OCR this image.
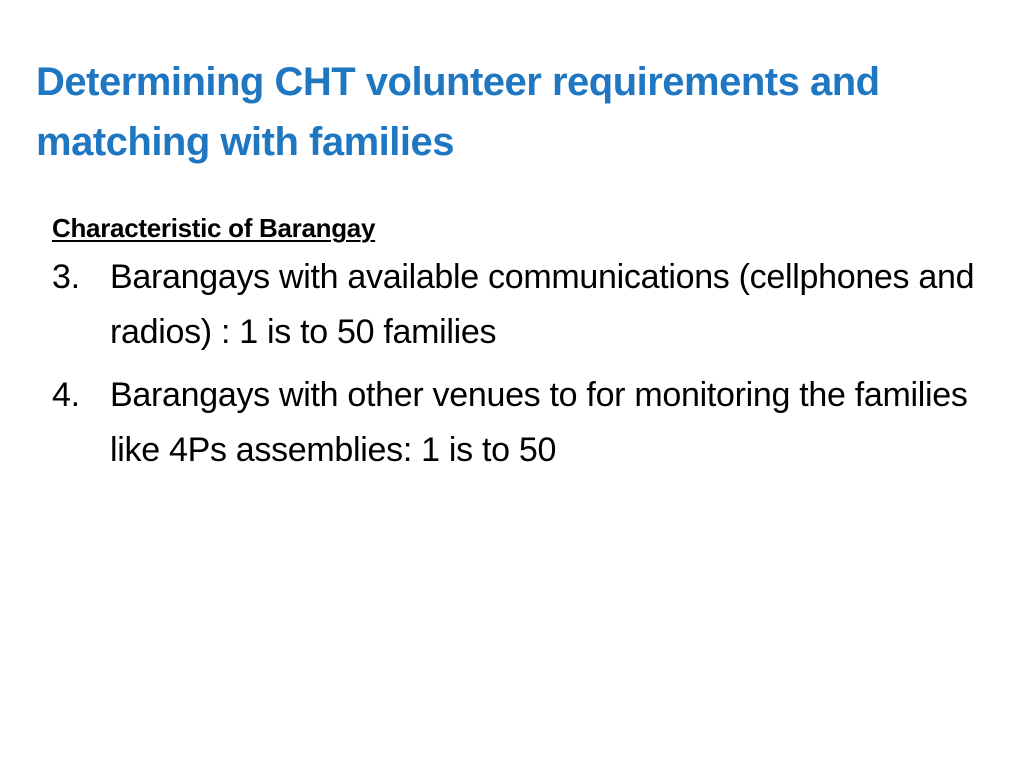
Determining CHT volunteer requirements and matching with families

Characteristic of Barangay

3. Barangays with available communications (cellphones and radios) : 1 is to 50 families
4. Barangays with other venues to for monitoring the families like 4Ps assemblies: 1 is to 50
